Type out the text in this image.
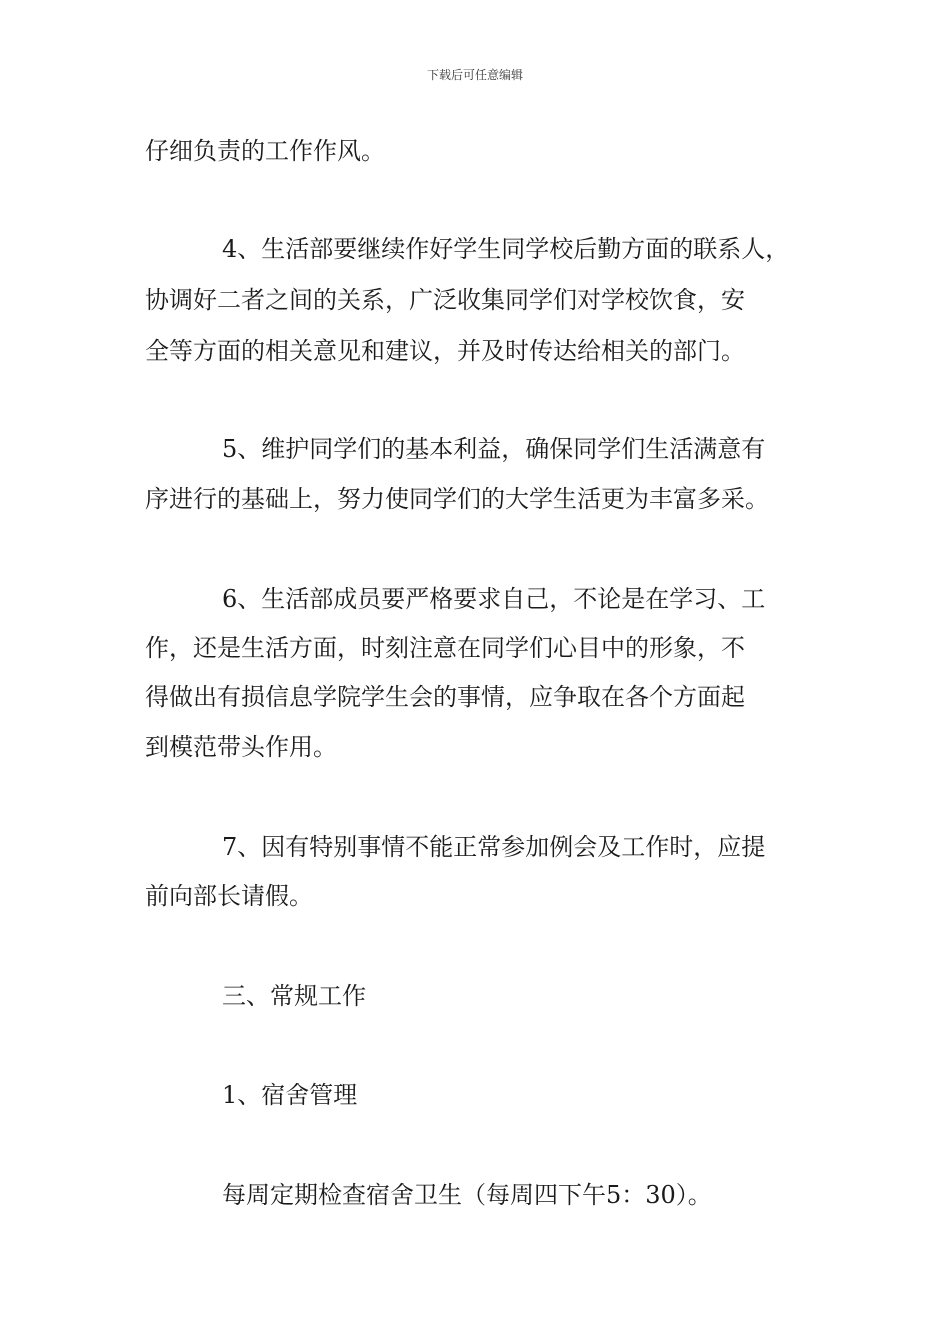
下载后可任意编辑
仔细负责的工作作风。
4、生活部要继续作好学生同学校后勤方面的联系人，
协调好二者之间的关系，广泛收集同学们对学校饮食，安
全等方面的相关意见和建议，并及时传达给相关的部门。
5、维护同学们的基本利益，确保同学们生活满意有
序进行的基础上，努力使同学们的大学生活更为丰富多采。
6、生活部成员要严格要求自己，不论是在学习、工
作，还是生活方面，时刻注意在同学们心目中的形象，不
得做出有损信息学院学生会的事情，应争取在各个方面起
到模范带头作用。
7、因有特别事情不能正常参加例会及工作时，应提
前向部长请假。
三、常规工作
1、宿舍管理
每周定期检查宿舍卫生（每周四下午5：30）。
